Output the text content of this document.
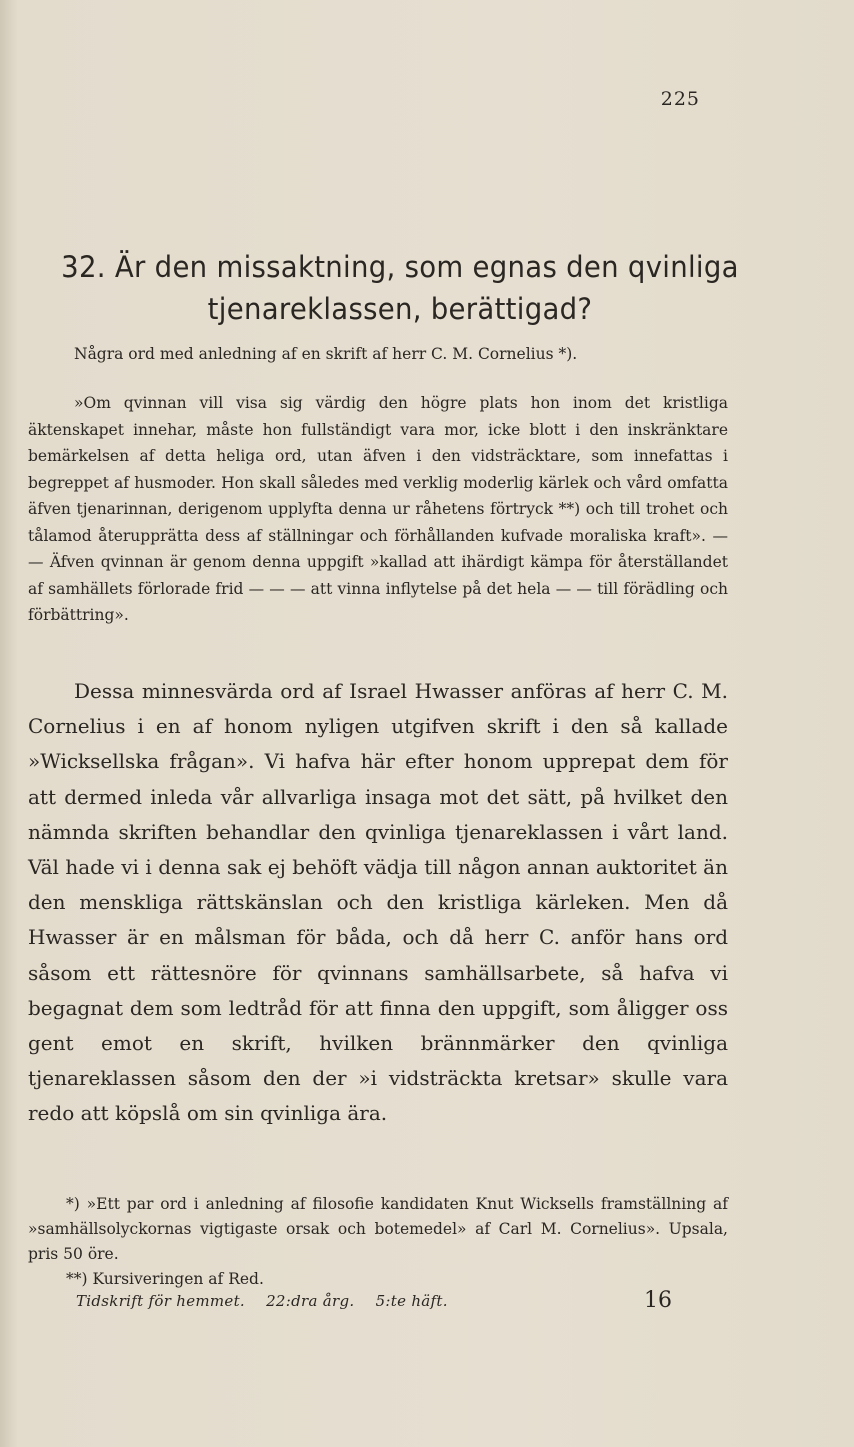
225
32. Är den missaktning, som egnas den qvinliga
tjenareklassen, berättigad?
Några ord med anledning af en skrift af herr C. M. Cornelius *).

»Om qvinnan vill visa sig värdig den högre plats hon inom det kristliga äktenskapet innehar, måste hon fullständigt vara mor, icke blott i den inskränktare bemärkelsen af detta heliga ord, utan äfven i den vidsträcktare, som innefattas i begreppet af husmoder. Hon skall således med verklig moderlig kärlek och vård omfatta äfven tjenarinnan, derigenom upplyfta denna ur råhetens förtryck **) och till trohet och tålamod återupprätta dess af ställningar och förhållanden kufvade moraliska kraft». — — Äfven qvinnan är genom denna uppgift »kallad att ihärdigt kämpa för återställandet af samhällets förlorade frid — — — att vinna inflytelse på det hela — — till förädling och förbättring».

Dessa minnesvärda ord af Israel Hwasser anföras af herr C. M. Cornelius i en af honom nyligen utgifven skrift i den så kallade »Wicksellska frågan». Vi hafva här efter honom upprepat dem för att dermed inleda vår allvarliga insaga mot det sätt, på hvilket den nämnda skriften behandlar den qvinliga tjenareklassen i vårt land. Väl hade vi i denna sak ej behöft vädja till någon annan auktoritet än den menskliga rättskänslan och den kristliga kärleken. Men då Hwasser är en målsman för båda, och då herr C. anför hans ord såsom ett rättesnöre för qvinnans samhällsarbete, så hafva vi begagnat dem som ledtråd för att finna den uppgift, som åligger oss gent emot en skrift, hvilken brännmärker den qvinliga tjenareklassen såsom den der »i vidsträckta kretsar» skulle vara redo att köpslå om sin qvinliga ära.

*) »Ett par ord i anledning af filosofie kandidaten Knut Wicksells framställning af »samhällsolyckornas vigtigaste orsak och botemedel» af Carl M. Cornelius». Upsala, pris 50 öre.

**) Kursiveringen af Red.

Tidskrift för hemmet. 22:dra årg. 5:te häft.	16
